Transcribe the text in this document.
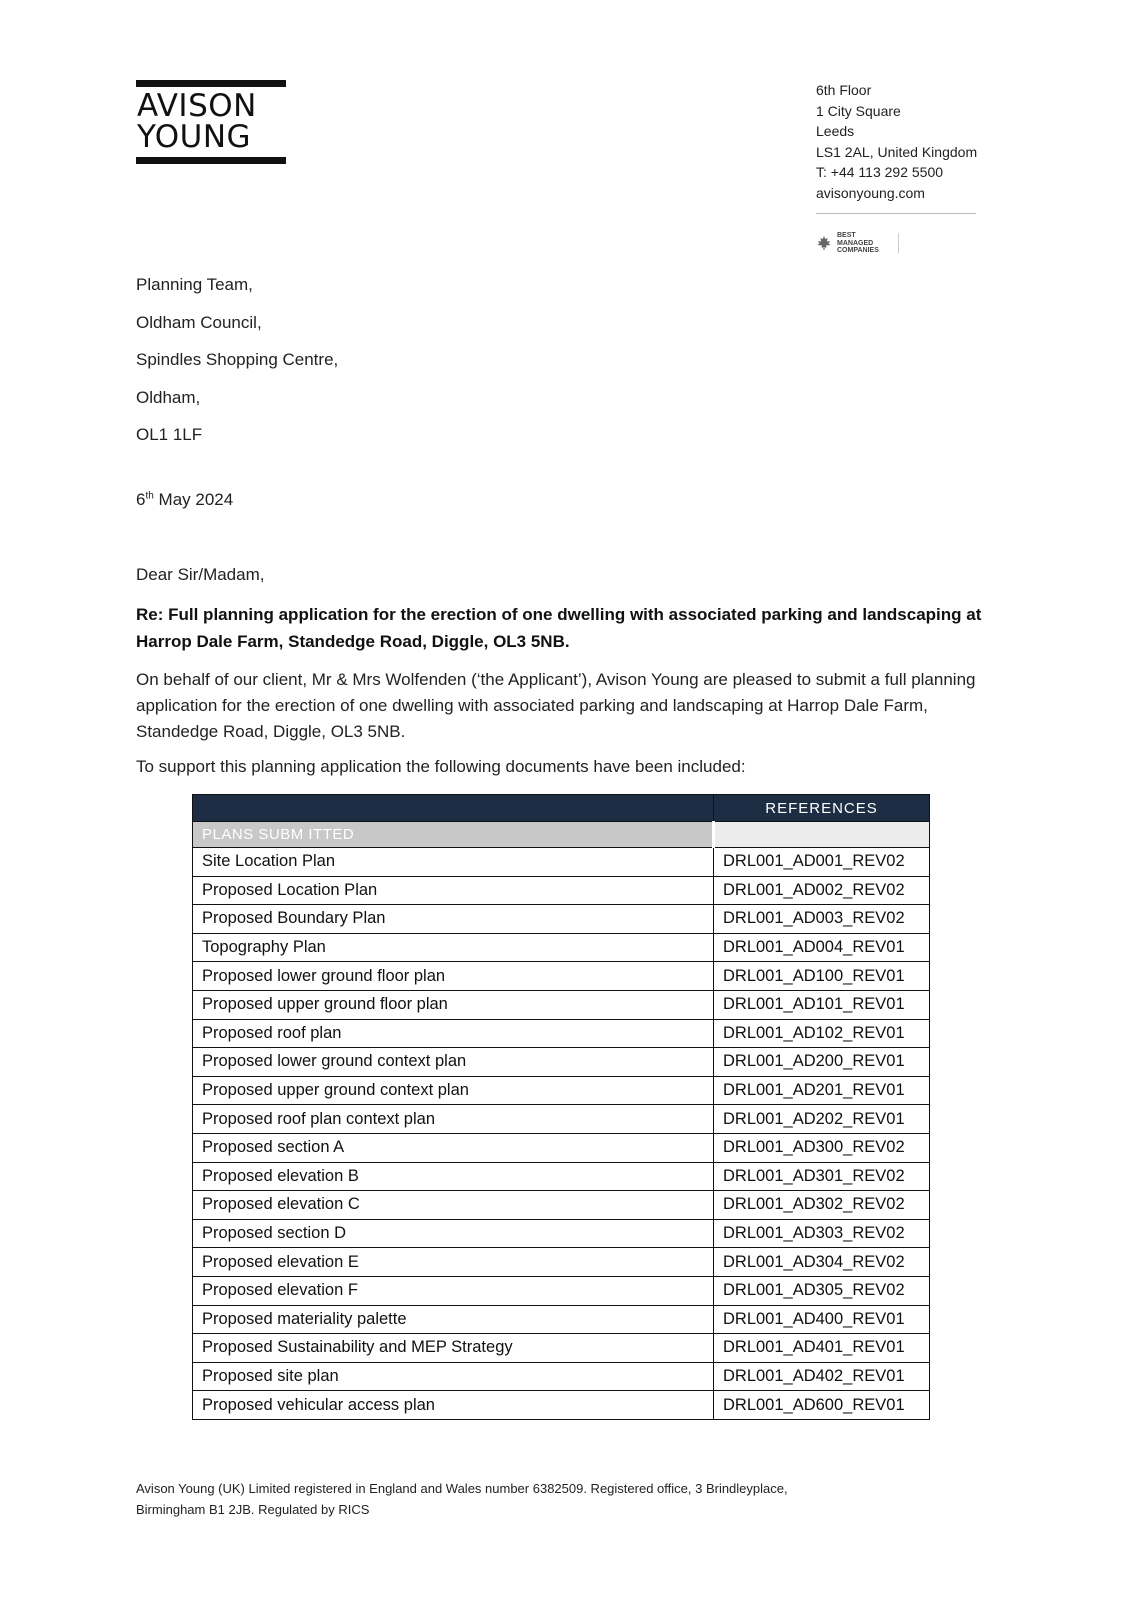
AVISON
YOUNG
6th Floor
1 City Square
Leeds
LS1 2AL, United Kingdom
T: +44 113 292 5500
avisonyoung.com
BEST
MANAGED
COMPANIES
Planning Team,
Oldham Council,
Spindles Shopping Centre,
Oldham,
OL1 1LF
6th May 2024
Dear Sir/Madam,
Re: Full planning application for the erection of one dwelling with associated parking and landscaping at Harrop Dale Farm, Standedge Road, Diggle, OL3 5NB.
On behalf of our client, Mr & Mrs Wolfenden (‘the Applicant’), Avison Young are pleased to submit a full planning application for the erection of one dwelling with associated parking and landscaping at Harrop Dale Farm, Standedge Road, Diggle, OL3 5NB.
To support this planning application the following documents have been included:
	REFERENCES
PLANS SUBM ITTED	
Site Location Plan	DRL001_AD001_REV02
Proposed Location Plan	DRL001_AD002_REV02
Proposed Boundary Plan	DRL001_AD003_REV02
Topography Plan	DRL001_AD004_REV01
Proposed lower ground floor plan	DRL001_AD100_REV01
Proposed upper ground floor plan	DRL001_AD101_REV01
Proposed roof plan	DRL001_AD102_REV01
Proposed lower ground context plan	DRL001_AD200_REV01
Proposed upper ground context plan	DRL001_AD201_REV01
Proposed roof plan context plan	DRL001_AD202_REV01
Proposed section A	DRL001_AD300_REV02
Proposed elevation B	DRL001_AD301_REV02
Proposed elevation C	DRL001_AD302_REV02
Proposed section D	DRL001_AD303_REV02
Proposed elevation E	DRL001_AD304_REV02
Proposed elevation F	DRL001_AD305_REV02
Proposed materiality palette	DRL001_AD400_REV01
Proposed Sustainability and MEP Strategy	DRL001_AD401_REV01
Proposed site plan	DRL001_AD402_REV01
Proposed vehicular access plan	DRL001_AD600_REV01
Avison Young (UK) Limited registered in England and Wales number 6382509. Registered office, 3 Brindleyplace,
Birmingham B1 2JB. Regulated by RICS
